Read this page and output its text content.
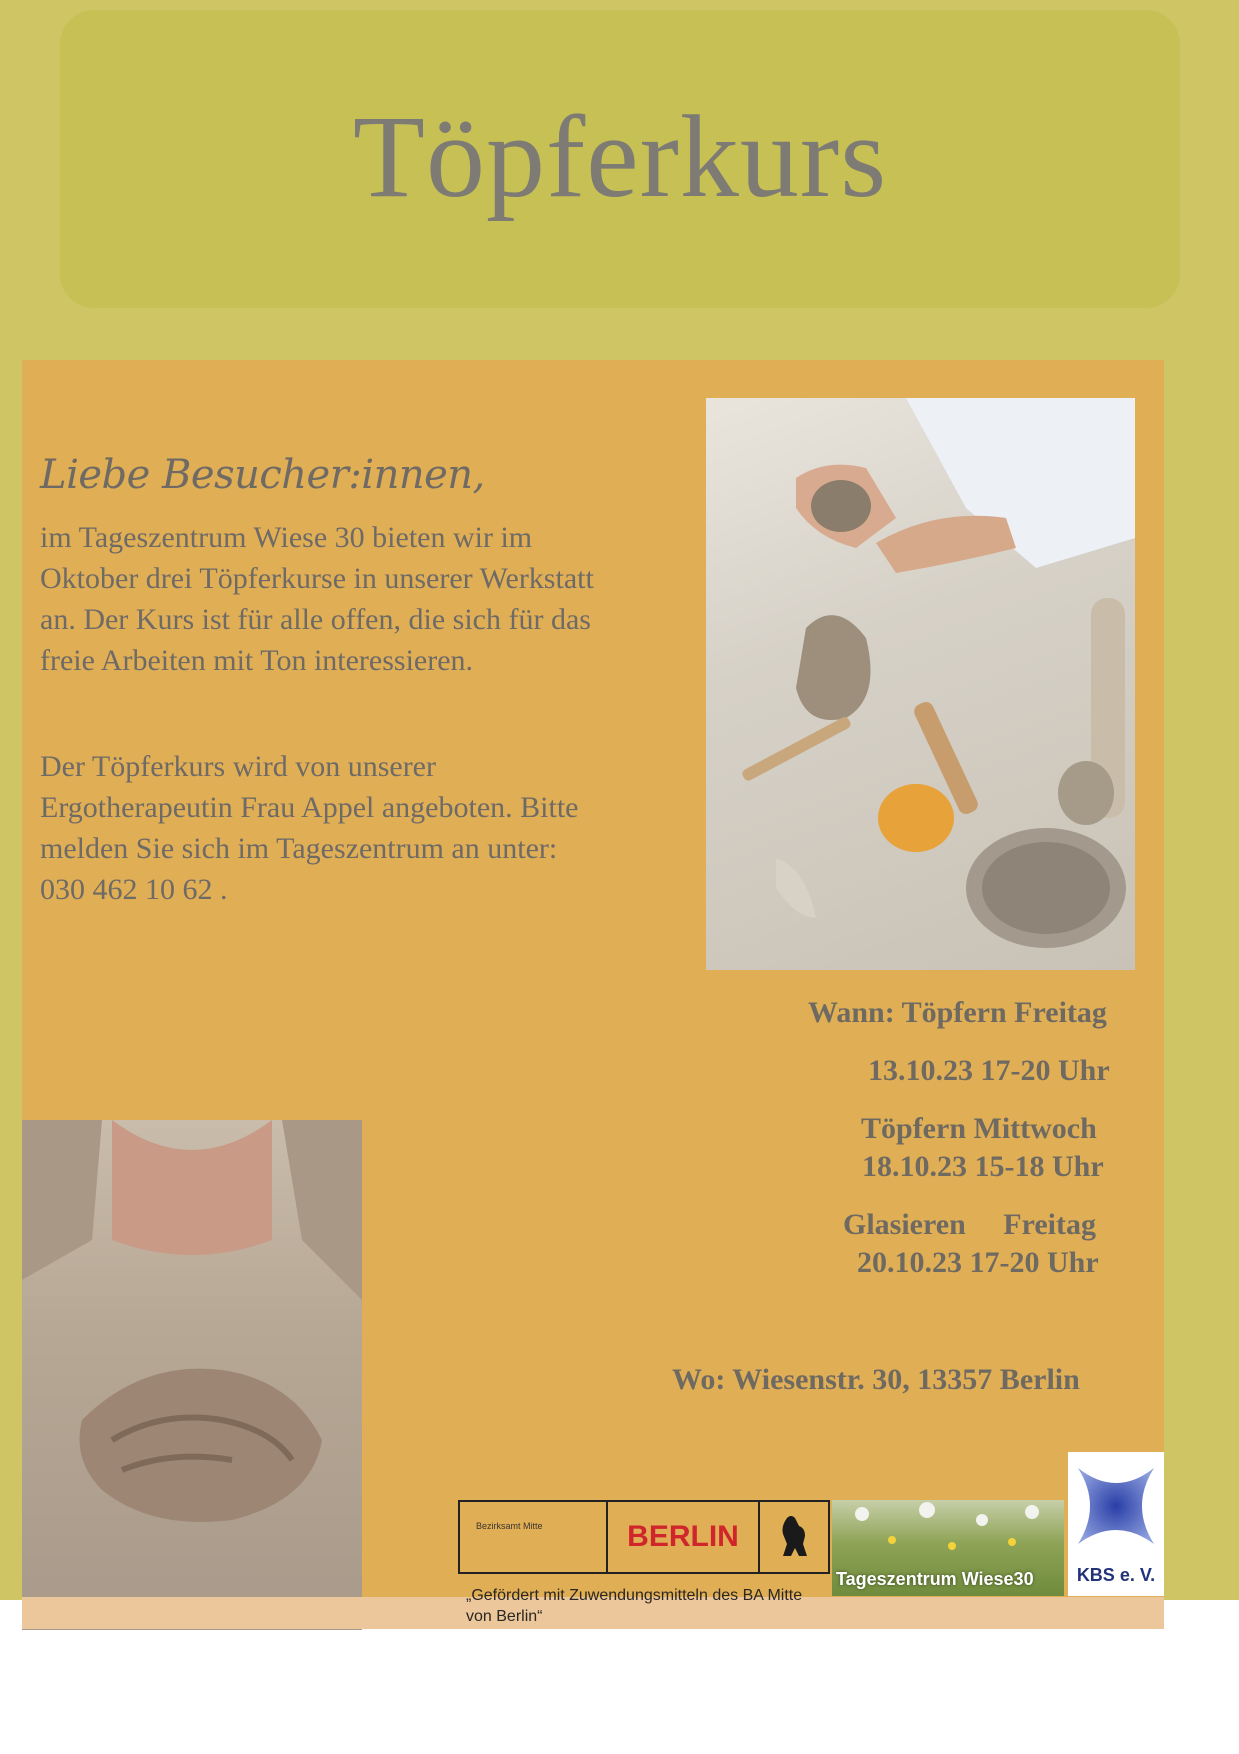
Töpferkurs
Liebe Besucher:innen,

im Tageszentrum Wiese 30 bieten wir im Oktober drei Töpferkurse in unserer Werkstatt an. Der Kurs ist für alle offen, die sich für das freie Arbeiten mit Ton interessieren.

Der Töpferkurs wird von unserer Ergotherapeutin Frau Appel angeboten. Bitte melden Sie sich im Tageszentrum an unter: 030 462 10 62 .

Wann: Töpfern Freitag
13.10.23 17-20 Uhr
Töpfern Mittwoch
18.10.23 15-18 Uhr
Glasieren     Freitag
20.10.23 17-20 Uhr
Wo: Wiesenstr. 30, 13357 Berlin
Bezirksamt Mitte	BERLIN
Tageszentrum Wiese30	KBS e. V.
„Gefördert mit Zuwendungsmitteln des BA Mitte von Berlin“
